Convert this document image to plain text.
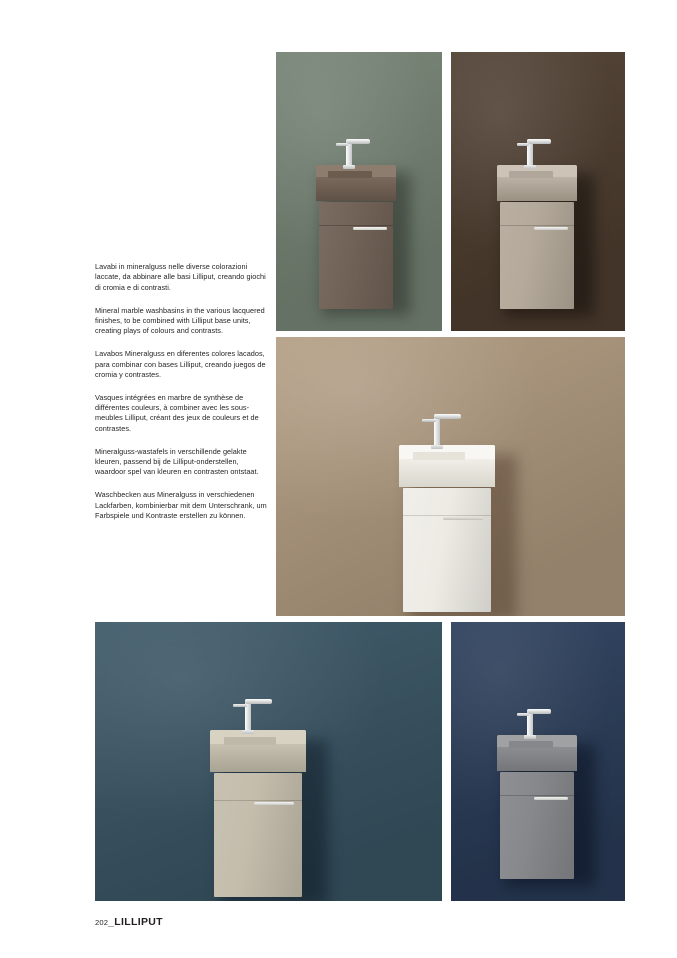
Lavabi in mineralguss nelle diverse colorazioni laccate, da abbinare alle basi Lilliput, creando giochi di cromia e di contrasti.

Mineral marble washbasins in the various lacquered finishes, to be combined with Lilliput base units, creating plays of colours and contrasts.

Lavabos Mineralguss en diferentes colores lacados, para combinar con bases Lilliput, creando juegos de cromia y contrastes.

Vasques intégrées en marbre de synthèse de différentes couleurs, à combiner avec les sous-meubles Lilliput, créant des jeux de couleurs et de contrastes.

Mineralguss-wastafels in verschillende gelakte kleuren, passend bij de Lilliput-onderstellen, waardoor spel van kleuren en contrasten ontstaat.

Waschbecken aus Mineralguss in verschiedenen Lackfarben, kombinierbar mit dem Unterschrank, um Farbspiele und Kontraste erstellen zu können.

202 _ LILLIPUT
